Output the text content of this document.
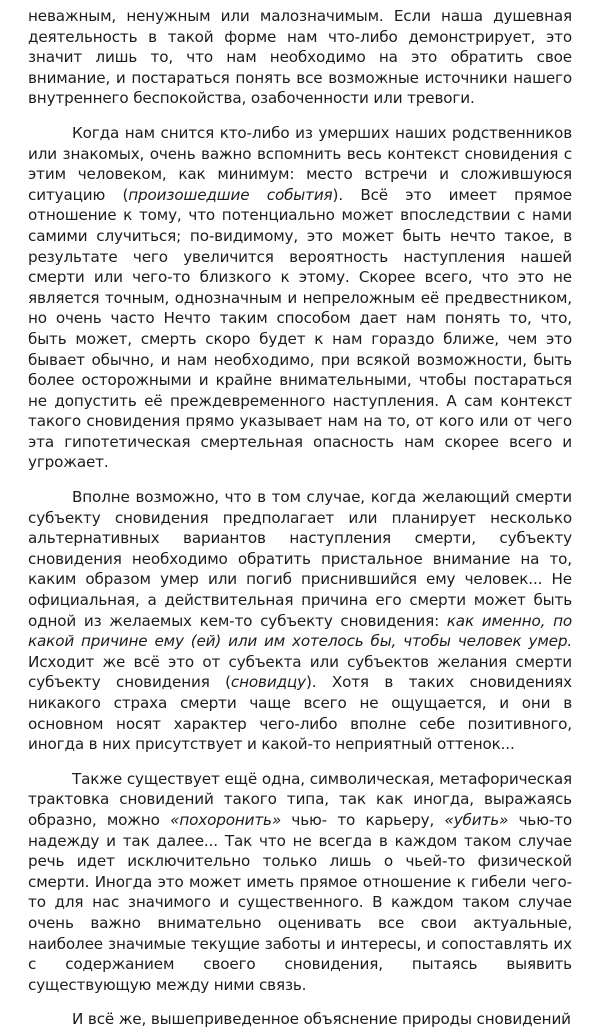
неважным, ненужным или малозначимым. Если наша душевная деятельность в такой форме нам что-либо демонстрирует, это значит лишь то, что нам необходимо на это обратить свое внимание, и постараться понять все возможные источники нашего внутреннего беспокойства, озабоченности или тревоги.

Когда нам снится кто-либо из умерших наших родственников или знакомых, очень важно вспомнить весь контекст сновидения с этим человеком, как минимум: место встречи и сложившуюся ситуацию (произошедшие события). Всё это имеет прямое отношение к тому, что потенциально может впоследствии с нами самими случиться; по-видимому, это может быть нечто такое, в результате чего увеличится вероятность наступления нашей смерти или чего-то близкого к этому. Скорее всего, что это не является точным, однозначным и непреложным её предвестником, но очень часто Нечто таким способом дает нам понять то, что, быть может, смерть скоро будет к нам гораздо ближе, чем это бывает обычно, и нам необходимо, при всякой возможности, быть более осторожными и крайне внимательными, чтобы постараться не допустить её преждевременного наступления. А сам контекст такого сновидения прямо указывает нам на то, от кого или от чего эта гипотетическая смертельная опасность нам скорее всего и угрожает.

Вполне возможно, что в том случае, когда желающий смерти субъекту сновидения предполагает или планирует несколько альтернативных вариантов наступления смерти, субъекту сновидения необходимо обратить пристальное внимание на то, каким образом умер или погиб приснившийся ему человек... Не официальная, а действительная причина его смерти может быть одной из желаемых кем-то субъекту сновидения: как именно, по какой причине ему (ей) или им хотелось бы, чтобы человек умер. Исходит же всё это от субъекта или субъектов желания смерти субъекту сновидения (сновидцу). Хотя в таких сновидениях никакого страха смерти чаще всего не ощущается, и они в основном носят характер чего-либо вполне себе позитивного, иногда в них присутствует и какой-то неприятный оттенок...

Также существует ещё одна, символическая, метафорическая трактовка сновидений такого типа, так как иногда, выражаясь образно, можно «похоронить» чью- то карьеру, «убить» чью-то надежду и так далее... Так что не всегда в каждом таком случае речь идет исключительно только лишь о чьей-то физической смерти. Иногда это может иметь прямое отношение к гибели чего-то для нас значимого и существенного. В каждом таком случае очень важно внимательно оценивать все свои актуальные, наиболее значимые текущие заботы и интересы, и сопоставлять их с содержанием своего сновидения, пытаясь выявить существующую между ними связь.

И всё же, вышеприведенное объяснение природы сновидений
